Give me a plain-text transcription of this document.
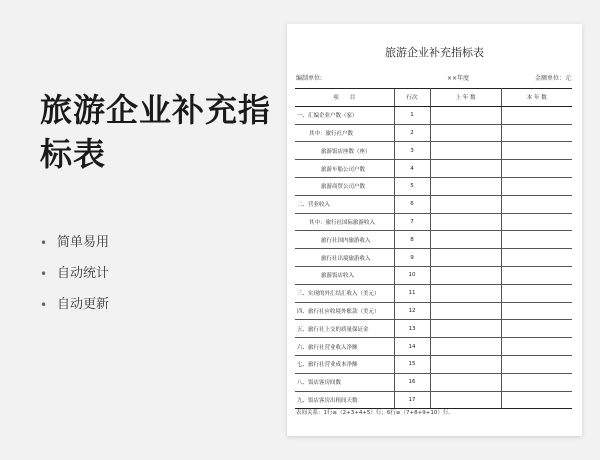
旅游企业补充指标表
• 简单易用
• 自动统计
• 自动更新
旅游企业补充指标表
编制单位:	××年度	金额单位：元
项　　目	行次	上 年 数	本 年 数
一、汇编企业户数（家）	1		
其中：旅行社户数	2		
旅游饭店座数（座）	3		
旅游车船公司户数	4		
旅游商贸公司户数	5		
二、营业收入	6		
其中：旅行社国际旅游收入	7		
旅行社国内旅游收入	8		
旅行社出境旅游收入	9		
旅游饭店收入	10		
三、实现的外汇结汇收入（美元）	11		
四、旅行社应收境外账款（美元）	12		
五、旅行社上交的质量保证金	13		
六、旅行社营业收入净额	14		
七、旅行社营业成本净额	15		
八、饭店客房间数	16		
九、饭店客房出租间天数	17		
表间关系：1行≥（2+3+4+5）行；6行≥（7+8+9+10）行。
